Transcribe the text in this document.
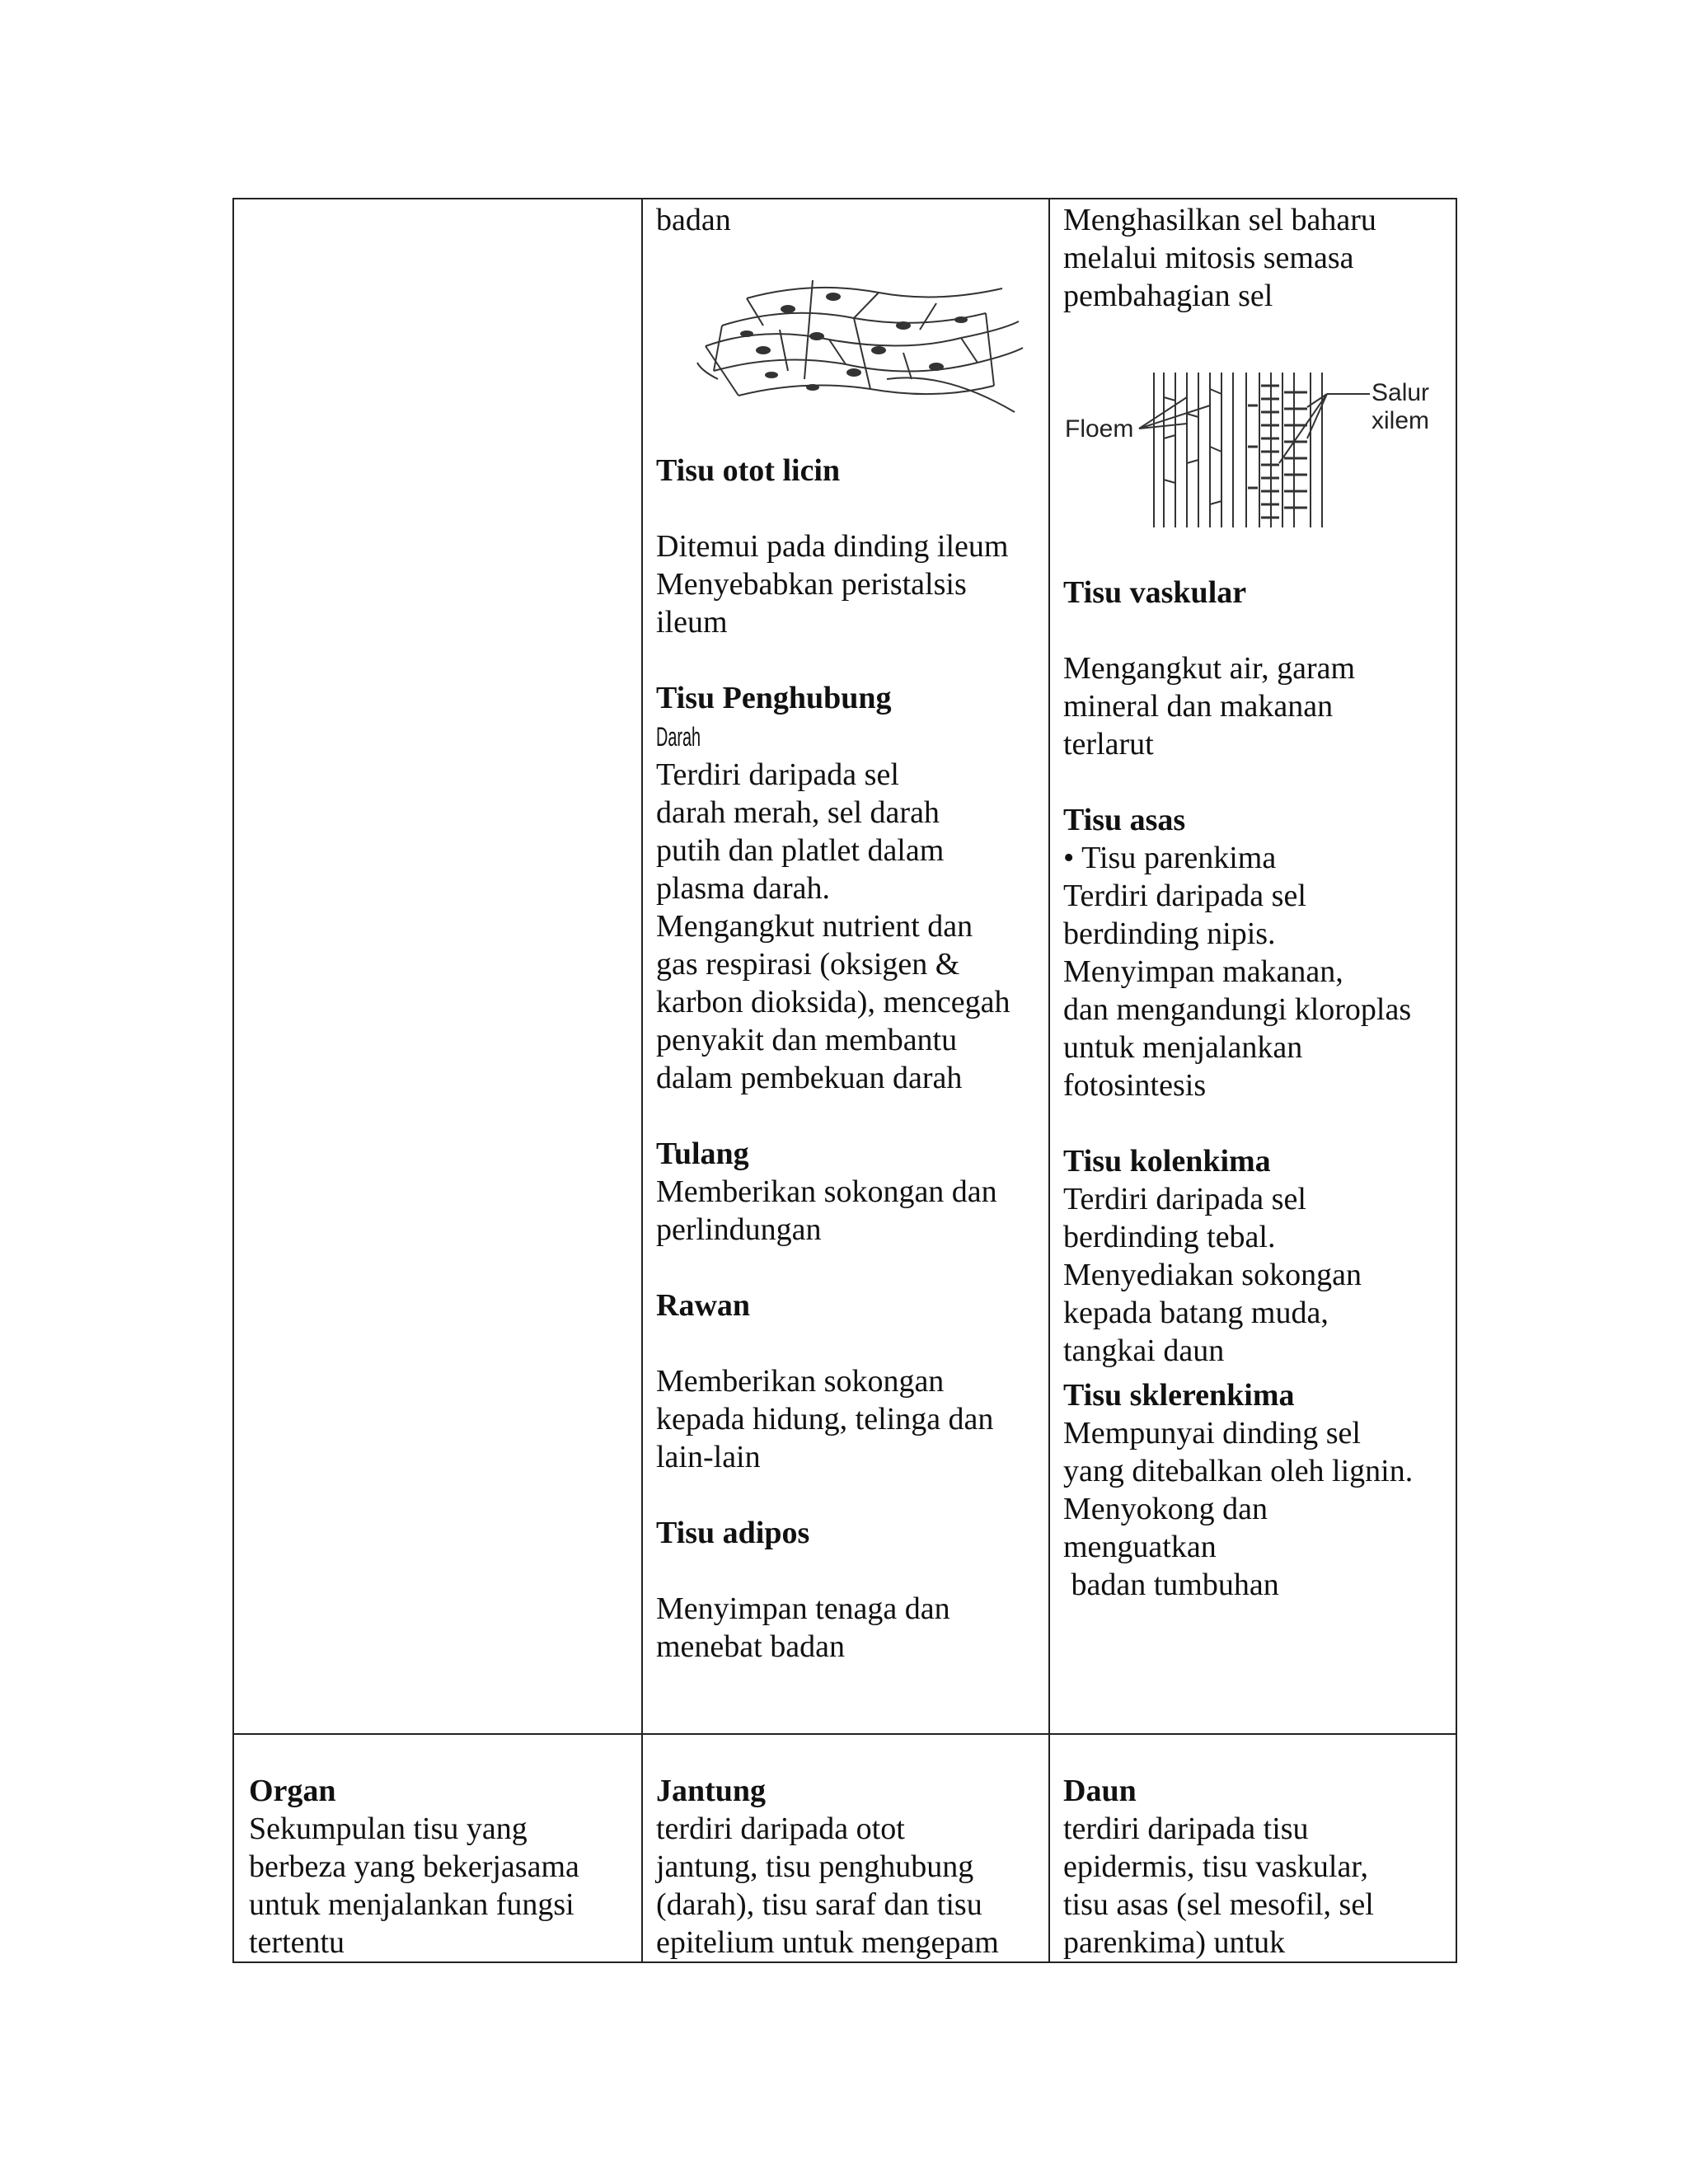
badan

Tisu otot licin

Ditemui pada dinding ileum

Menyebabkan peristalsis

ileum

Tisu Penghubung

Darah

Terdiri daripada sel

darah merah, sel darah

putih dan platlet dalam

plasma darah.

Mengangkut nutrient dan

gas respirasi (oksigen &

karbon dioksida), mencegah

penyakit dan membantu

dalam pembekuan darah

Tulang

Memberikan sokongan dan

perlindungan

Rawan

Memberikan sokongan

kepada hidung, telinga dan

lain-lain

Tisu adipos

Menyimpan tenaga dan

menebat badan

Menghasilkan sel baharu

melalui mitosis semasa

pembahagian sel

Floem
Salur
xilem

Tisu vaskular

Mengangkut air, garam

mineral dan makanan

terlarut

Tisu asas

• Tisu parenkima

Terdiri daripada sel

berdinding nipis.

Menyimpan makanan,

dan mengandungi kloroplas

untuk menjalankan

fotosintesis

Tisu kolenkima

Terdiri daripada sel

berdinding tebal.

Menyediakan sokongan

kepada batang muda,

tangkai daun

Tisu sklerenkima

Mempunyai dinding sel

yang ditebalkan oleh lignin.

Menyokong dan

menguatkan

badan tumbuhan

Organ

Sekumpulan tisu yang

berbeza yang bekerjasama

untuk menjalankan fungsi

tertentu

Jantung

terdiri daripada otot

jantung, tisu penghubung

(darah), tisu saraf dan tisu

epitelium untuk mengepam

Daun

terdiri daripada tisu

epidermis, tisu vaskular,

tisu asas (sel mesofil, sel

parenkima) untuk
